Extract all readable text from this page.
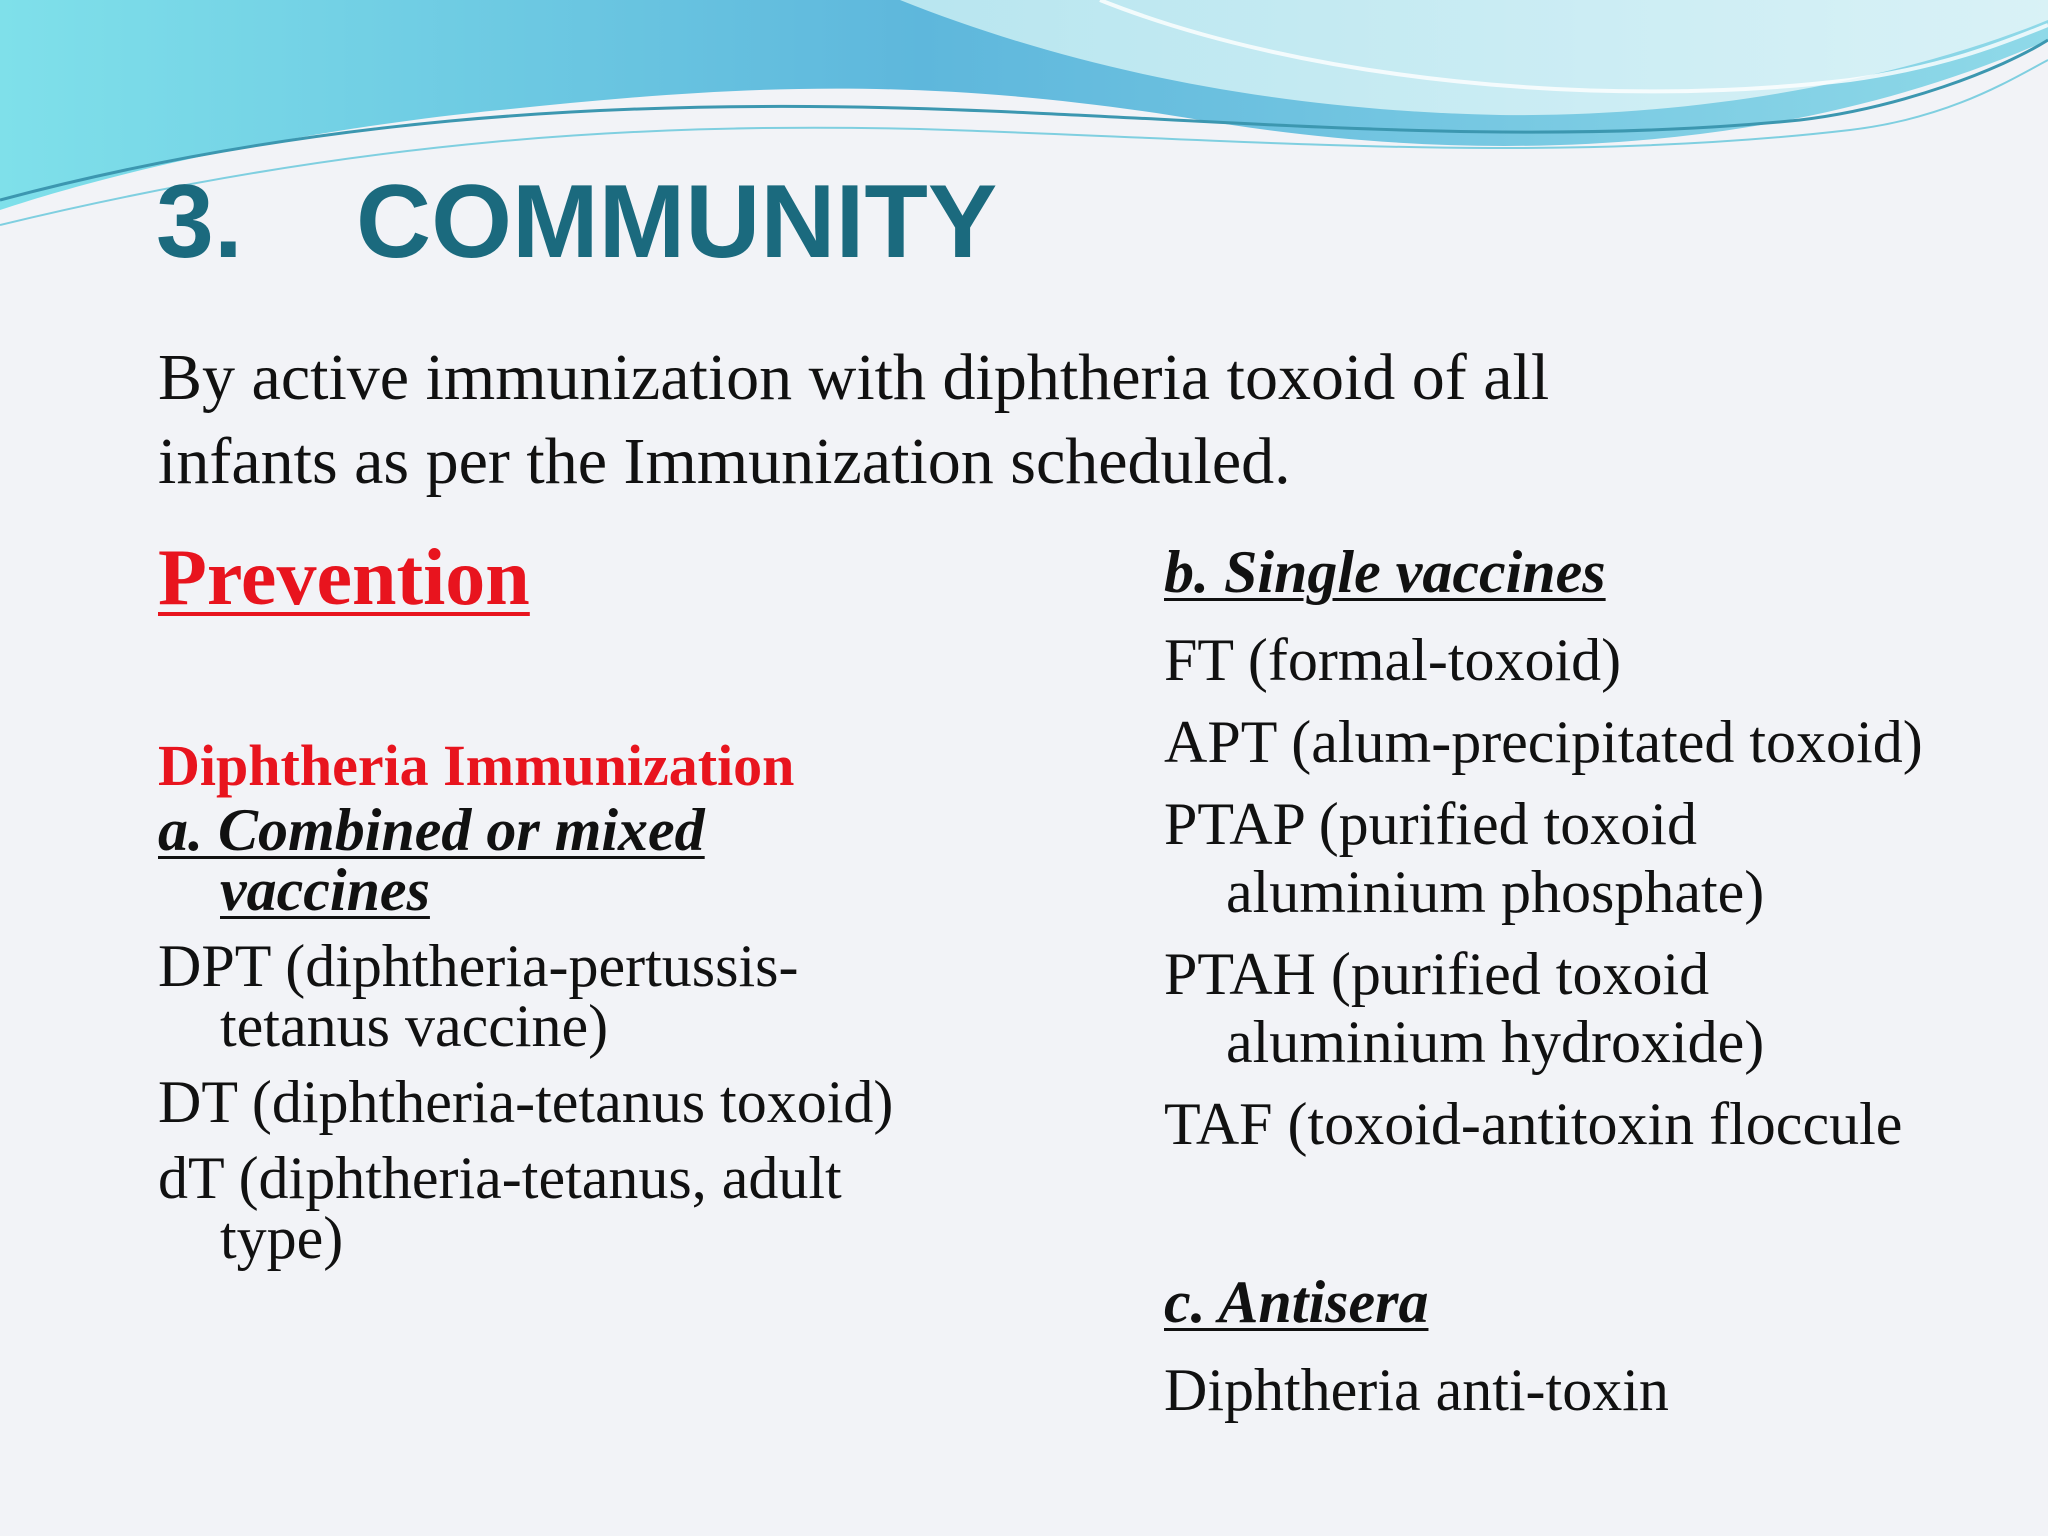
3. COMMUNITY
By active immunization with diphtheria toxoid of all
infants as per the Immunization scheduled.
Prevention
Diphtheria Immunization
a. Combined or mixed
vaccines
DPT (diphtheria-pertussis-
tetanus vaccine)
DT (diphtheria-tetanus toxoid)
dT (diphtheria-tetanus, adult
type)
b. Single vaccines
FT (formal-toxoid)
APT (alum-precipitated toxoid)
PTAP (purified toxoid
aluminium phosphate)
PTAH (purified toxoid
aluminium hydroxide)
TAF (toxoid-antitoxin floccule
c. Antisera
Diphtheria anti-toxin
